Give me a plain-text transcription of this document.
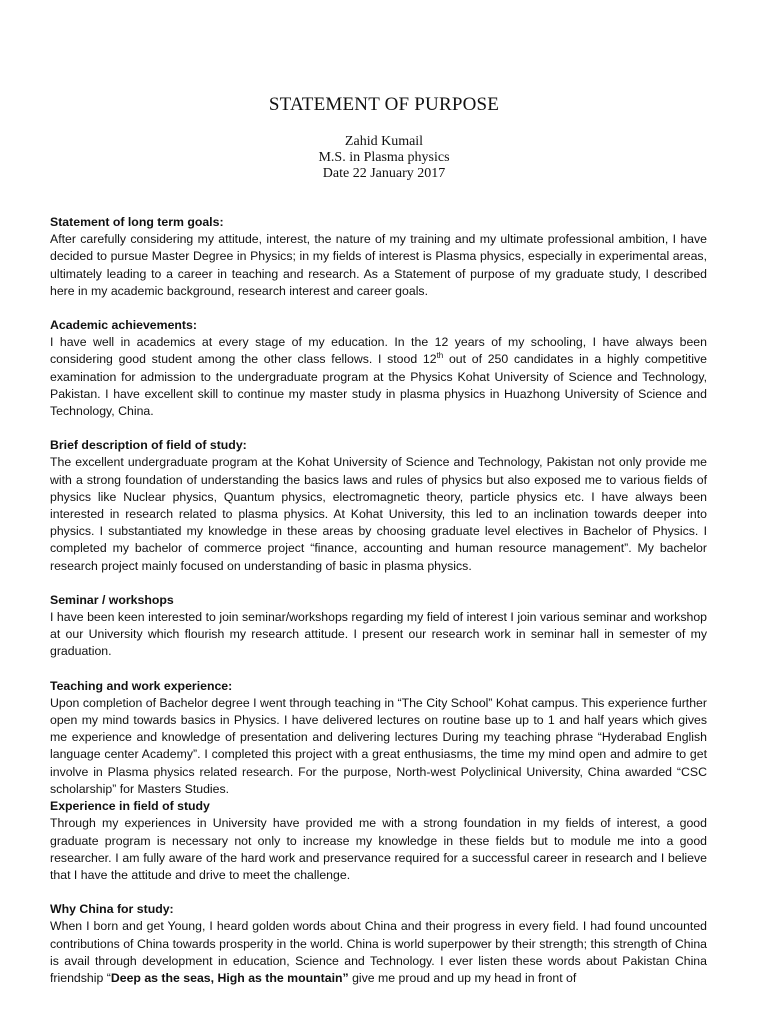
STATEMENT OF PURPOSE
Zahid Kumail
M.S. in Plasma physics
Date 22 January 2017

Statement of long term goals:

After carefully considering my attitude, interest, the nature of my training and my ultimate professional ambition, I have decided to pursue Master Degree in Physics; in my fields of interest is Plasma physics, especially in experimental areas, ultimately leading to a career in teaching and research. As a Statement of purpose of my graduate study, I described here in my academic background, research interest and career goals.

Academic achievements:

I have well in academics at every stage of my education. In the 12 years of my schooling, I have always been considering good student among the other class fellows. I stood 12th out of 250 candidates in a highly competitive examination for admission to the undergraduate program at the Physics Kohat University of Science and Technology, Pakistan. I have excellent skill to continue my master study in plasma physics in Huazhong University of Science and Technology, China.

Brief description of field of study:

The excellent undergraduate program at the Kohat University of Science and Technology, Pakistan not only provide me with a strong foundation of understanding the basics laws and rules of physics but also exposed me to various fields of physics like Nuclear physics, Quantum physics, electromagnetic theory, particle physics etc. I have always been interested in research related to plasma physics. At Kohat University, this led to an inclination towards deeper into physics. I substantiated my knowledge in these areas by choosing graduate level electives in Bachelor of Physics. I completed my bachelor of commerce project “finance, accounting and human resource management”. My bachelor research project mainly focused on understanding of basic in plasma physics.

Seminar / workshops

I have been keen interested to join seminar/workshops regarding my field of interest I join various seminar and workshop at our University which flourish my research attitude. I present our research work in seminar hall in semester of my graduation.

Teaching and work experience:

Upon completion of Bachelor degree I went through teaching in “The City School” Kohat campus. This experience further open my mind towards basics in Physics. I have delivered lectures on routine base up to 1 and half years which gives me experience and knowledge of presentation and delivering lectures During my teaching phrase “Hyderabad English language center Academy”. I completed this project with a great enthusiasms, the time my mind open and admire to get involve in Plasma physics related research. For the purpose, North-west Polyclinical University, China awarded “CSC scholarship” for Masters Studies.

Experience in field of study

Through my experiences in University have provided me with a strong foundation in my fields of interest, a good graduate program is necessary not only to increase my knowledge in these fields but to module me into a good researcher. I am fully aware of the hard work and preservance required for a successful career in research and I believe that I have the attitude and drive to meet the challenge.

Why China for study:

When I born and get Young, I heard golden words about China and their progress in every field. I had found uncounted contributions of China towards prosperity in the world. China is world superpower by their strength; this strength of China is avail through development in education, Science and Technology. I ever listen these words about Pakistan China friendship “Deep as the seas, High as the mountain” give me proud and up my head in front of
